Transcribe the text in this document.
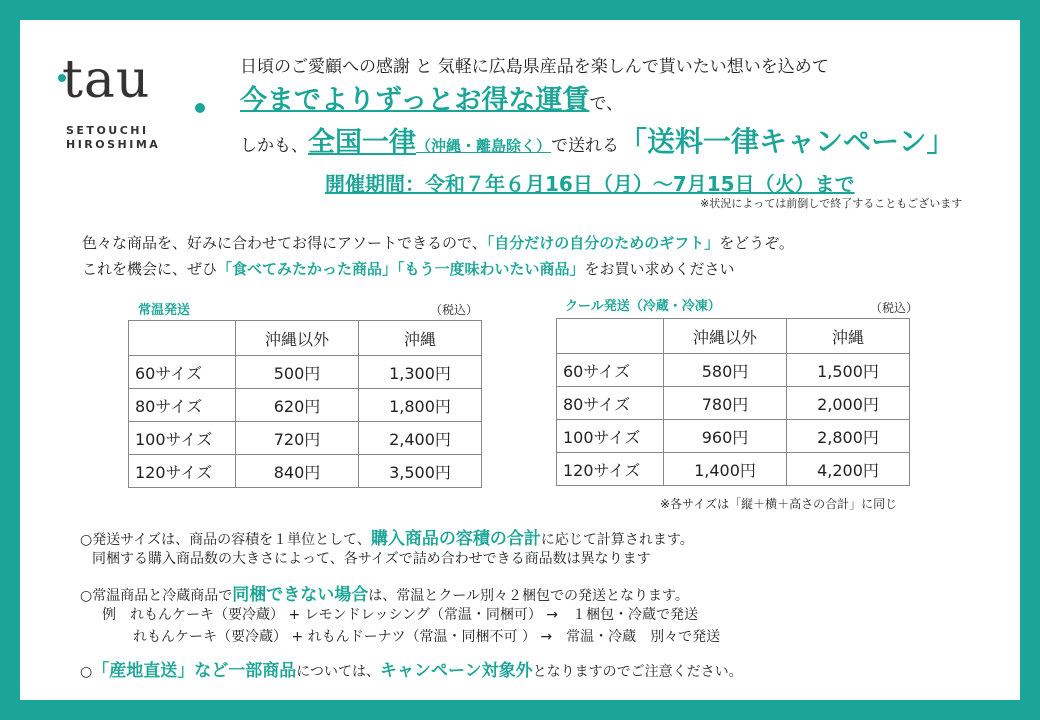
tau
SETOUCHI
HIROSHIMA
日頃のご愛顧への感謝 と 気軽に広島県産品を楽しんで貰いたい想いを込めて
今までよりずっとお得な運賃で、
しかも、全国一律（沖縄・離島除く）で送れる「送料一律キャンペーン」
開催期間：令和７年６月16日（月）～7月15日（火）まで
※状況によっては前倒しで終了することもございます
色々な商品を、好みに合わせてお得にアソートできるので、「自分だけの自分のためのギフト」をどうぞ。
これを機会に、ぜひ「食べてみたかった商品」「もう一度味わいたい商品」をお買い求めください
常温発送	（税込）
	沖縄以外	沖縄
60サイズ	500円	1,300円
80サイズ	620円	1,800円
100サイズ	720円	2,400円
120サイズ	840円	3,500円
クール発送（冷蔵・冷凍）	（税込）
	沖縄以外	沖縄
60サイズ	580円	1,500円
80サイズ	780円	2,000円
100サイズ	960円	2,800円
120サイズ	1,400円	4,200円
※各サイズは「縦＋横＋高さの合計」に同じ
○発送サイズは、商品の容積を１単位として、購入商品の容積の合計に応じて計算されます。
同梱する購入商品数の大きさによって、各サイズで詰め合わせできる商品数は異なります
○常温商品と冷蔵商品で同梱できない場合は、常温とクール別々２梱包での発送となります。
例　れもんケーキ（要冷蔵） + レモンドレッシング（常温・同梱可） →　１梱包・冷蔵で発送
れもんケーキ（要冷蔵） + れもんドーナツ（常温・同梱不可 ） →　常温・冷蔵　別々で発送
○「産地直送」など一部商品については、キャンペーン対象外となりますのでご注意ください。
